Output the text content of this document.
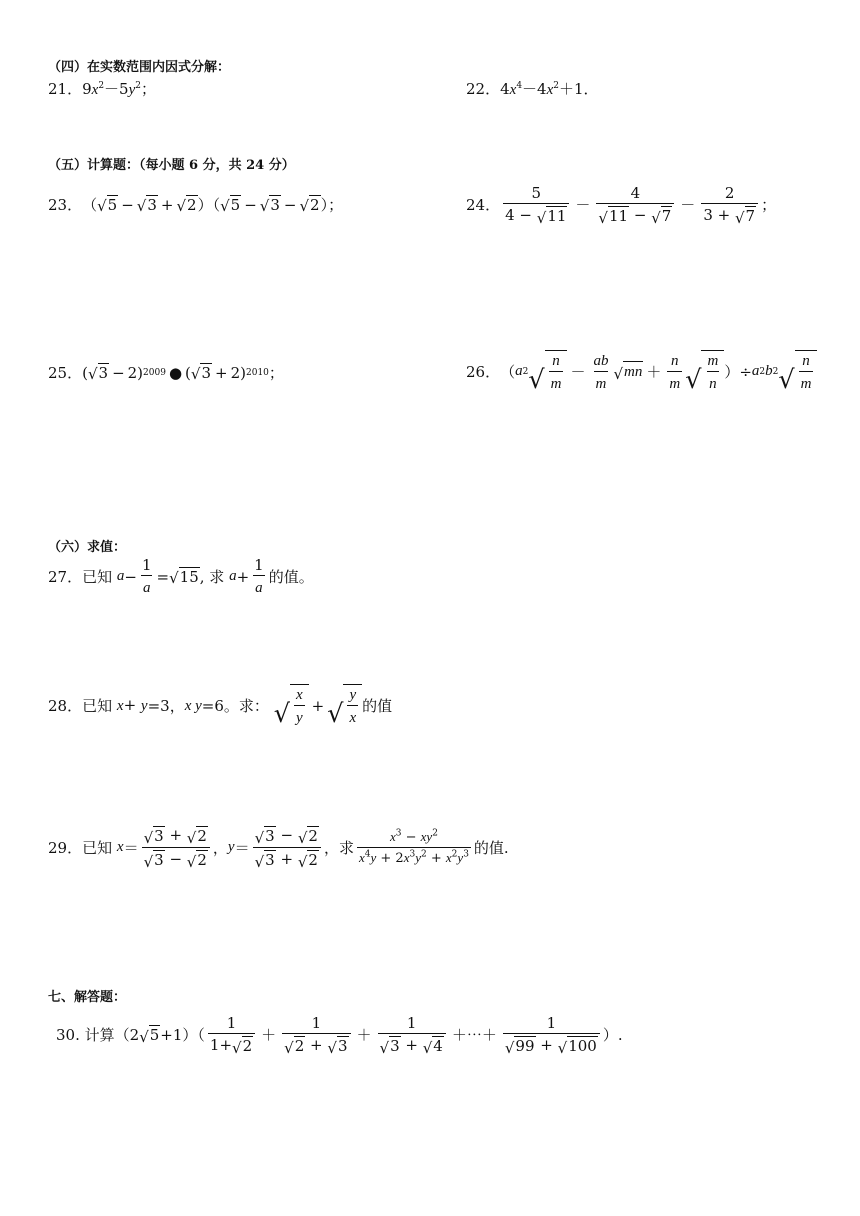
（四）在实数范围内因式分解：
21． $9x^2-5y^2$；	22． $4x^4-4x^2+1$．
（五）计算题：（每小题 6 分，共 24 分）
23． （ √ 5 − √ 3 + √ 2 ）（ √ 5 − √ 3 − √ 2 ）；	24． $\frac{5}{4 - √ 11} - \frac{4}{√ 11 - √ 7} - \frac{2}{3 + √ 7}$ ；
25． ( √ 3 − 2) 2009 ● ( √ 3 + 2) 2010 ；	26． （ a 2 √ $\frac{n}{m} - \frac{ab}{m}$ √ mn ＋ $\frac{n}{m}$ √ $\frac{m}{n}$ ）÷ a 2 b 2 √ $\frac{n}{m}$
（六）求值：
27． 已知
$a - \frac{1}{a}$ = √ 15 , 求
$a + \frac{1}{a}$ 的值。
28． 已知 x+ y =3， x y =6。求：
√ $\frac{x}{y}$ + √ $\frac{y}{x}$ 的值
29． 已知
$x = \frac{√ 3 + √ 2}{√ 3 - √ 2}$ ， $y = \frac{√ 3 - √ 2}{√ 3 + √ 2}$ ，求 $\frac{x^3 - xy^2}{x^4y + 2x^3y^2 + x^2y^3}$ 的值.
七、解答题：
30.
计算（2 √ $5 +1)( \frac{1}{1+ √ 2} + \frac{1}{√ 2 + √ 3} + \frac{1}{√ 3 + √ 4}$ ＋⋯＋ $\frac{1}{√ 99 + √ 100}$ ）.
